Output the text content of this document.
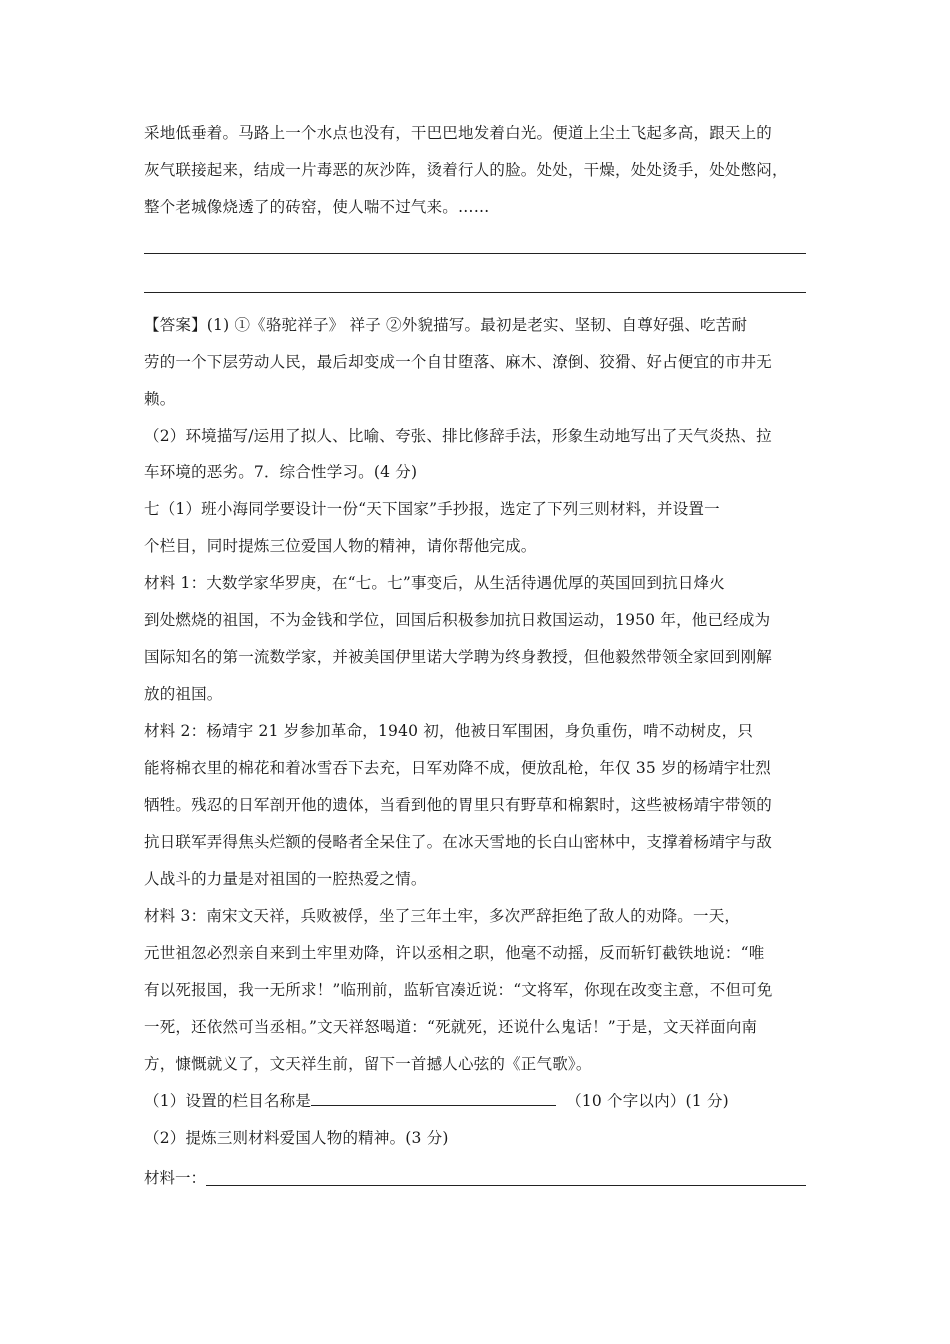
采地低垂着。马路上一个水点也没有，干巴巴地发着白光。便道上尘土飞起多高，跟天上的
灰气联接起来，结成一片毒恶的灰沙阵，烫着行人的脸。处处，干燥，处处烫手，处处憋闷，
整个老城像烧透了的砖窑，使人喘不过气来。……
【答案】(1) ①《骆驼祥子》 祥子 ②外貌描写。最初是老实、坚韧、自尊好强、吃苦耐
劳的一个下层劳动人民，最后却变成一个自甘堕落、麻木、潦倒、狡猾、好占便宜的市井无
赖。
（2）环境描写/运用了拟人、比喻、夸张、排比修辞手法，形象生动地写出了天气炎热、拉
车环境的恶劣。7．综合性学习。(4 分)
七（1）班小海同学要设计一份“天下国家”手抄报，选定了下列三则材料，并设置一
个栏目，同时提炼三位爱国人物的精神，请你帮他完成。
材料 1：大数学家华罗庚，在“七。七”事变后，从生活待遇优厚的英国回到抗日烽火
到处燃烧的祖国，不为金钱和学位，回国后积极参加抗日救国运动，1950 年，他已经成为
国际知名的第一流数学家，并被美国伊里诺大学聘为终身教授，但他毅然带领全家回到刚解
放的祖国。
材料 2：杨靖宇 21 岁参加革命，1940 初，他被日军围困，身负重伤，啃不动树皮，只
能将棉衣里的棉花和着冰雪吞下去充，日军劝降不成，便放乱枪，年仅 35 岁的杨靖宇壮烈
牺牲。残忍的日军剖开他的遗体，当看到他的胃里只有野草和棉絮时，这些被杨靖宇带领的
抗日联军弄得焦头烂额的侵略者全呆住了。在冰天雪地的长白山密林中，支撑着杨靖宇与敌
人战斗的力量是对祖国的一腔热爱之情。
材料 3：南宋文天祥，兵败被俘，坐了三年土牢，多次严辞拒绝了敌人的劝降。一天，
元世祖忽必烈亲自来到土牢里劝降，许以丞相之职，他毫不动摇，反而斩钉截铁地说：“唯
有以死报国，我一无所求！”临刑前，监斩官凑近说：“文将军，你现在改变主意，不但可免
一死，还依然可当丞相。”文天祥怒喝道：“死就死，还说什么鬼话！”于是，文天祥面向南
方，慷慨就义了，文天祥生前，留下一首撼人心弦的《正气歌》。
（1）设置的栏目名称是	（10 个字以内）(1 分)
（2）提炼三则材料爱国人物的精神。(3 分)
材料一：
